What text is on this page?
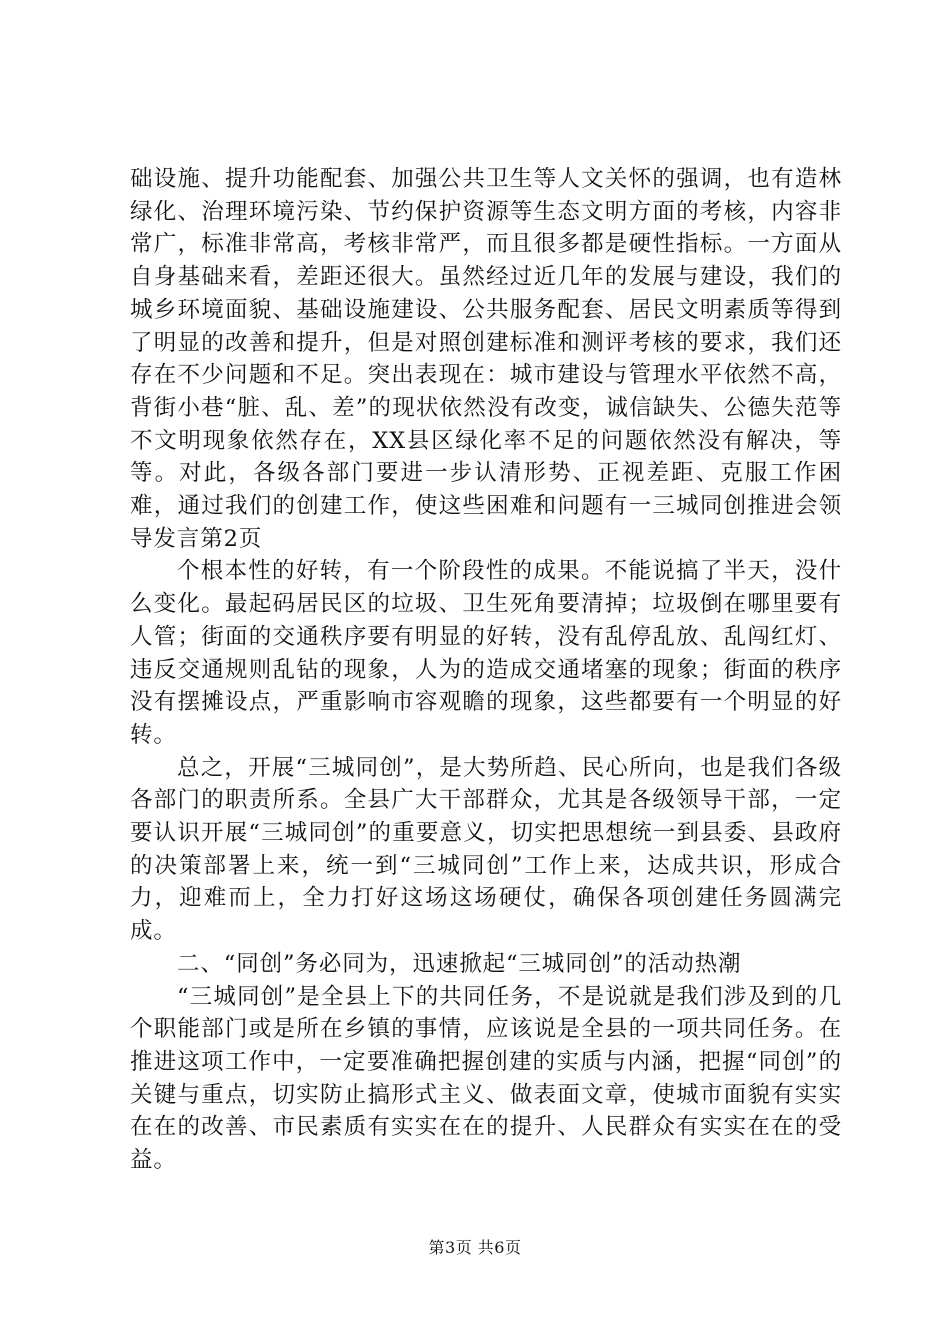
础设施、提升功能配套、加强公共卫生等人文关怀的强调，也有造林绿化、治理环境污染、节约保护资源等生态文明方面的考核，内容非常广，标准非常高，考核非常严，而且很多都是硬性指标。一方面从自身基础来看，差距还很大。虽然经过近几年的发展与建设，我们的城乡环境面貌、基础设施建设、公共服务配套、居民文明素质等得到了明显的改善和提升，但是对照创建标准和测评考核的要求，我们还存在不少问题和不足。突出表现在：城市建设与管理水平依然不高，背街小巷“脏、乱、差”的现状依然没有改变，诚信缺失、公德失范等不文明现象依然存在，XX县区绿化率不足的问题依然没有解决，等等。对此，各级各部门要进一步认清形势、正视差距、克服工作困难，通过我们的创建工作，使这些困难和问题有一三城同创推进会领导发言第2页

个根本性的好转，有一个阶段性的成果。不能说搞了半天，没什么变化。最起码居民区的垃圾、卫生死角要清掉；垃圾倒在哪里要有人管；街面的交通秩序要有明显的好转，没有乱停乱放、乱闯红灯、违反交通规则乱钻的现象，人为的造成交通堵塞的现象；街面的秩序没有摆摊设点，严重影响市容观瞻的现象，这些都要有一个明显的好转。

总之，开展“三城同创”，是大势所趋、民心所向，也是我们各级各部门的职责所系。全县广大干部群众，尤其是各级领导干部，一定要认识开展“三城同创”的重要意义，切实把思想统一到县委、县政府的决策部署上来，统一到“三城同创”工作上来，达成共识，形成合力，迎难而上，全力打好这场这场硬仗，确保各项创建任务圆满完成。

二、“同创”务必同为，迅速掀起“三城同创”的活动热潮

“三城同创”是全县上下的共同任务，不是说就是我们涉及到的几个职能部门或是所在乡镇的事情，应该说是全县的一项共同任务。在推进这项工作中，一定要准确把握创建的实质与内涵，把握“同创”的关键与重点，切实防止搞形式主义、做表面文章，使城市面貌有实实在在的改善、市民素质有实实在在的提升、人民群众有实实在在的受益。

第3页 共6页
